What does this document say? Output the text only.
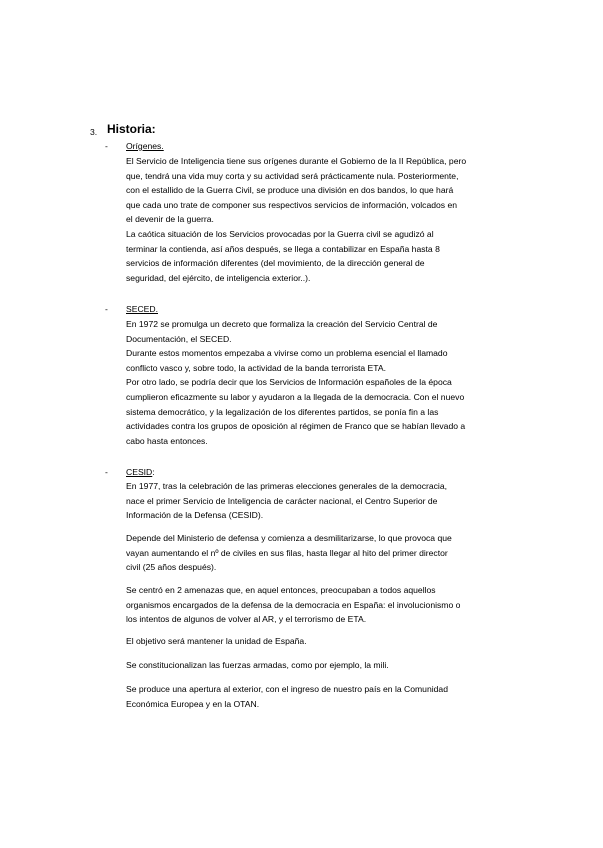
3. Historia:
- Orígenes.

El Servicio de Inteligencia tiene sus orígenes durante el Gobierno de la II República, pero

que, tendrá una vida muy corta y su actividad será prácticamente nula. Posteriormente,

con el estallido de la Guerra Civil, se produce una división en dos bandos, lo que hará

que cada uno trate de componer sus respectivos servicios de información, volcados en

el devenir de la guerra.

La caótica situación de los Servicios provocadas por la Guerra civil se agudizó al

terminar la contienda, así años después, se llega a contabilizar en España hasta 8

servicios de información diferentes (del movimiento, de la dirección general de

seguridad, del ejército, de inteligencia exterior..).

- SECED.

En 1972 se promulga un decreto que formaliza la creación del Servicio Central de

Documentación, el SECED.

Durante estos momentos empezaba a vivirse como un problema esencial el llamado

conflicto vasco y, sobre todo, la actividad de la banda terrorista ETA.

Por otro lado, se podría decir que los Servicios de Información españoles de la época

cumplieron eficazmente su labor y ayudaron a la llegada de la democracia. Con el nuevo

sistema democrático, y la legalización de los diferentes partidos, se ponía fin a las

actividades contra los grupos de oposición al régimen de Franco que se habían llevado a

cabo hasta entonces.

- CESID:

En 1977, tras la celebración de las primeras elecciones generales de la democracia,

nace el primer Servicio de Inteligencia de carácter nacional, el Centro Superior de

Información de la Defensa (CESID).

Depende del Ministerio de defensa y comienza a desmilitarizarse, lo que provoca que

vayan aumentando el nº de civiles en sus filas, hasta llegar al hito del primer director

civil (25 años después).

Se centró en 2 amenazas que, en aquel entonces, preocupaban a todos aquellos

organismos encargados de la defensa de la democracia en España: el involucionismo o

los intentos de algunos de volver al AR, y el terrorismo de ETA.

El objetivo será mantener la unidad de España.

Se constitucionalizan las fuerzas armadas, como por ejemplo, la mili.

Se produce una apertura al exterior, con el ingreso de nuestro país en la Comunidad

Económica Europea y en la OTAN.
